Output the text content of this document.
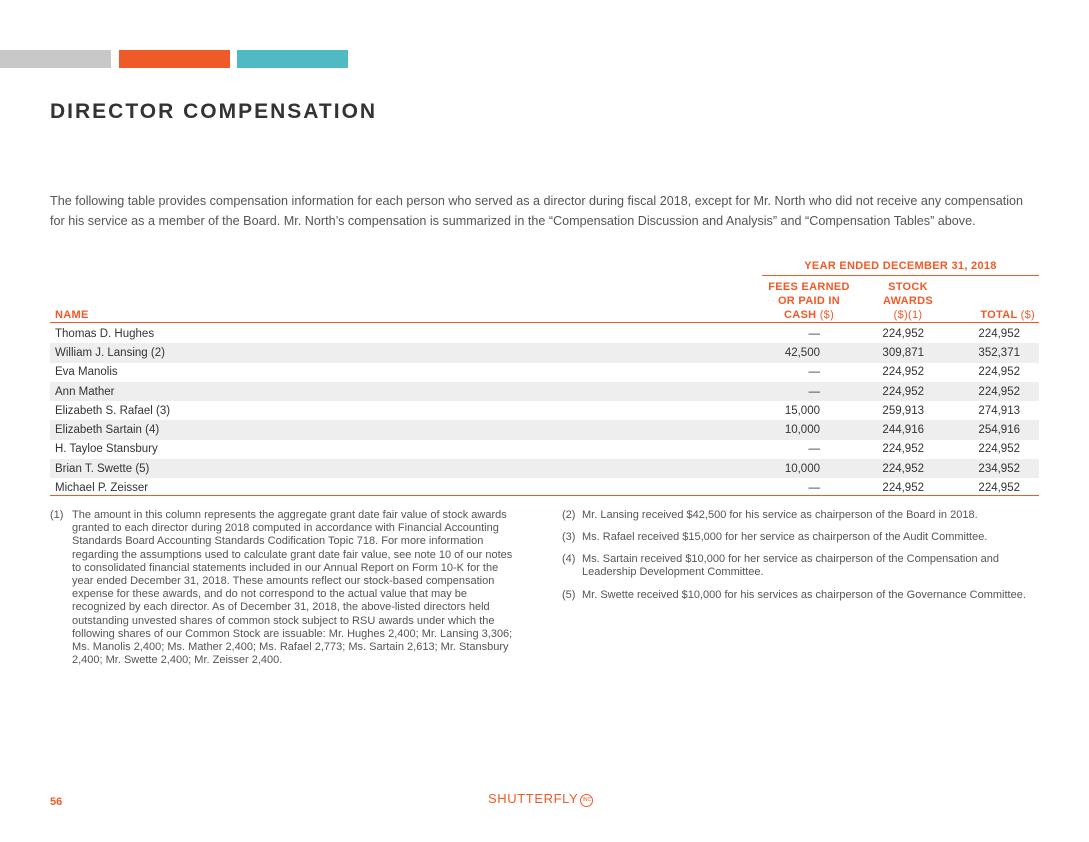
DIRECTOR COMPENSATION

The following table provides compensation information for each person who served as a director during fiscal 2018, except for Mr. North who did not receive any compensation for his service as a member of the Board. Mr. North’s compensation is summarized in the “Compensation Discussion and Analysis” and “Compensation Tables” above.

YEAR ENDED DECEMBER 31, 2018
NAME
FEES EARNED
OR PAID IN
CASH ($)
STOCK
AWARDS
($)(1)	TOTAL ($)
Thomas D. Hughes	—	224,952	224,952
William J. Lansing (2)	42,500	309,871	352,371
Eva Manolis	—	224,952	224,952
Ann Mather	—	224,952	224,952
Elizabeth S. Rafael (3)	15,000	259,913	274,913
Elizabeth Sartain (4)	10,000	244,916	254,916
H. Tayloe Stansbury	—	224,952	224,952
Brian T. Swette (5)	10,000	224,952	234,952
Michael P. Zeisser	—	224,952	224,952
(1) The amount in this column represents the aggregate grant date fair value of stock awards granted to each director during 2018 computed in accordance with Financial Accounting Standards Board Accounting Standards Codification Topic 718. For more information regarding the assumptions used to calculate grant date fair value, see note 10 of our notes to consolidated financial statements included in our Annual Report on Form 10-K for the year ended December 31, 2018. These amounts reflect our stock-based compensation expense for these awards, and do not correspond to the actual value that may be recognized by each director. As of December 31, 2018, the above-listed directors held outstanding unvested shares of common stock subject to RSU awards under which the following shares of our Common Stock are issuable: Mr. Hughes 2,400; Mr. Lansing 3,306; Ms. Manolis 2,400; Ms. Mather 2,400; Ms. Rafael 2,773; Ms. Sartain 2,613; Mr. Stansbury 2,400; Mr. Swette 2,400; Mr. Zeisser 2,400.
(2) Mr. Lansing received $42,500 for his service as chairperson of the Board in 2018.
(3) Ms. Rafael received $15,000 for her service as chairperson of the Audit Committee.
(4) Ms. Sartain received $10,000 for her service as chairperson of the Compensation and Leadership Development Committee.
(5) Mr. Swette received $10,000 for his services as chairperson of the Governance Committee.
56	SHUTTERFLY INC
